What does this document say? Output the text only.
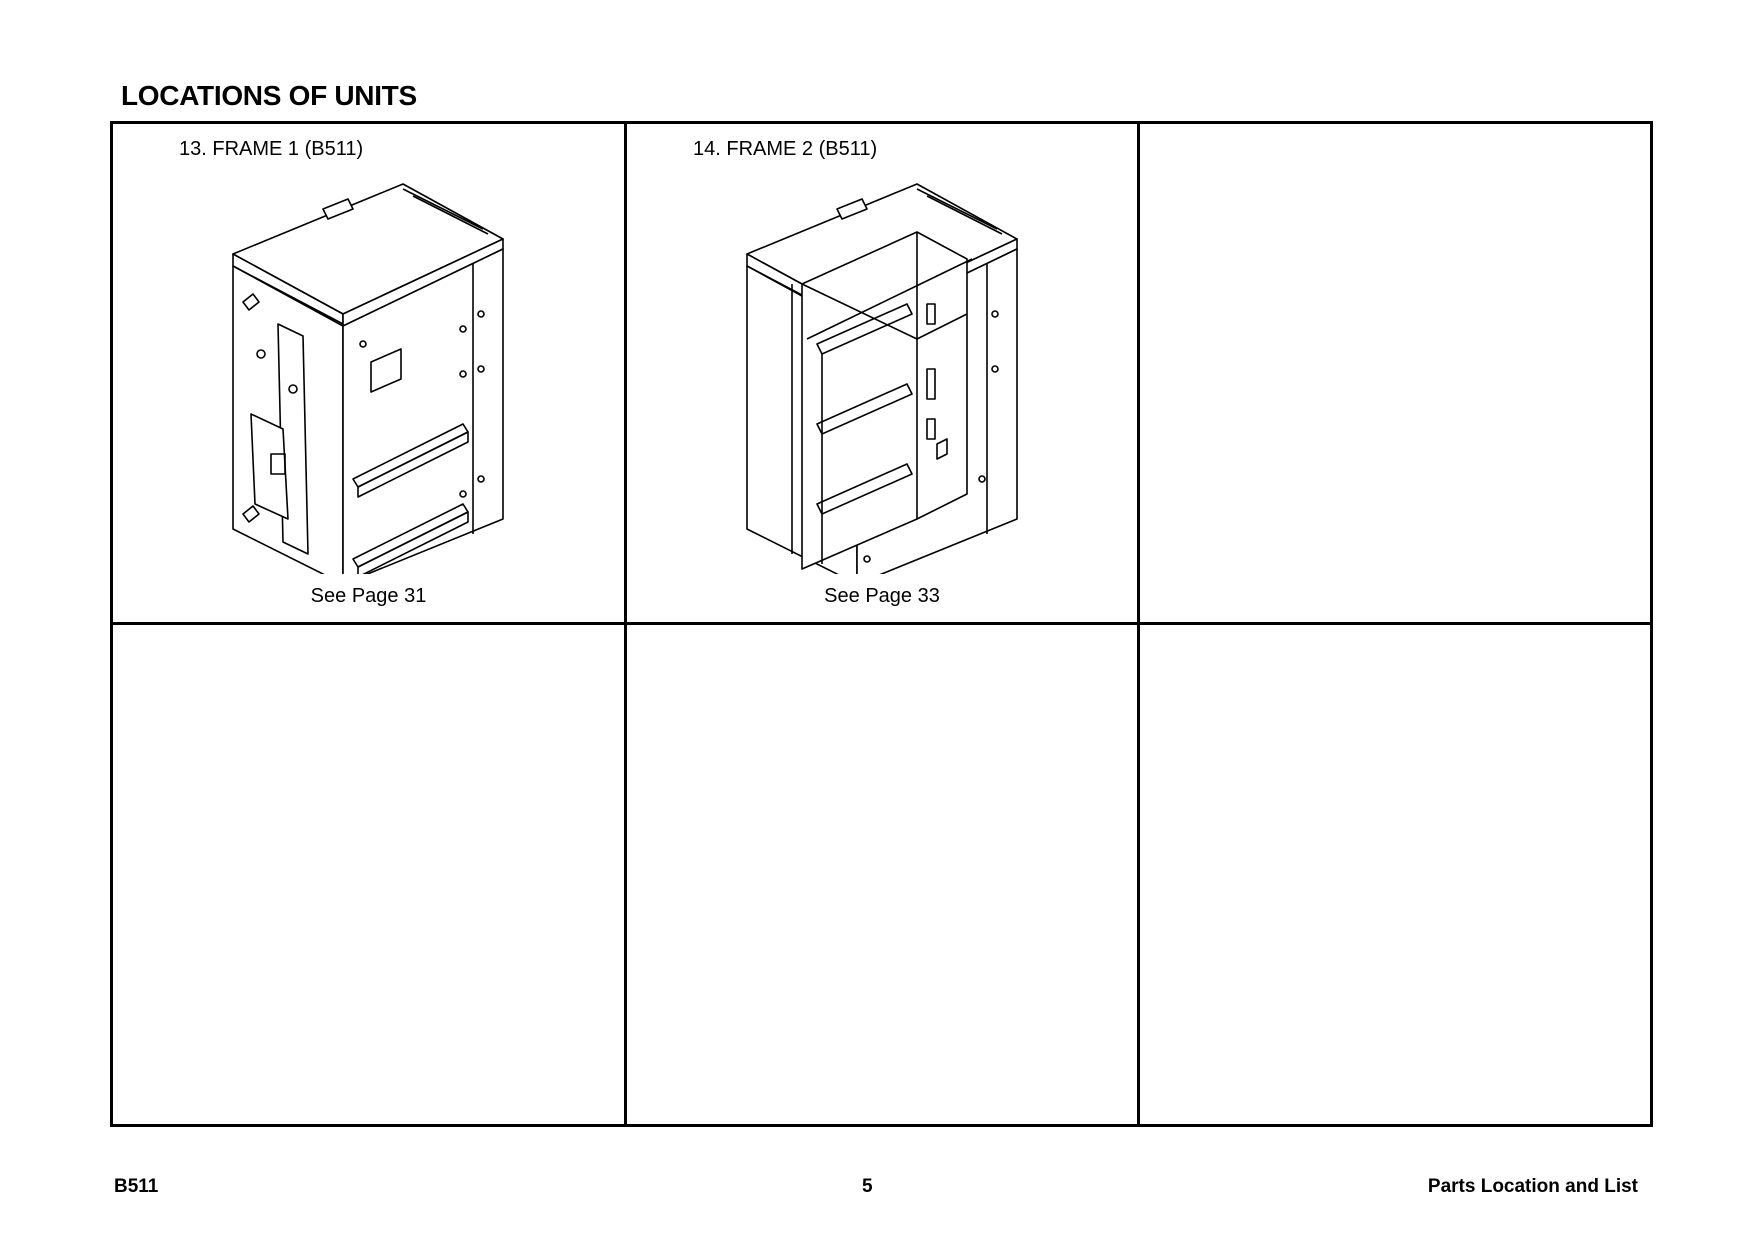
LOCATIONS OF UNITS
13. FRAME 1 (B511)
See Page 31
14. FRAME 2 (B511)
See Page 33
B511	5	Parts Location and List
